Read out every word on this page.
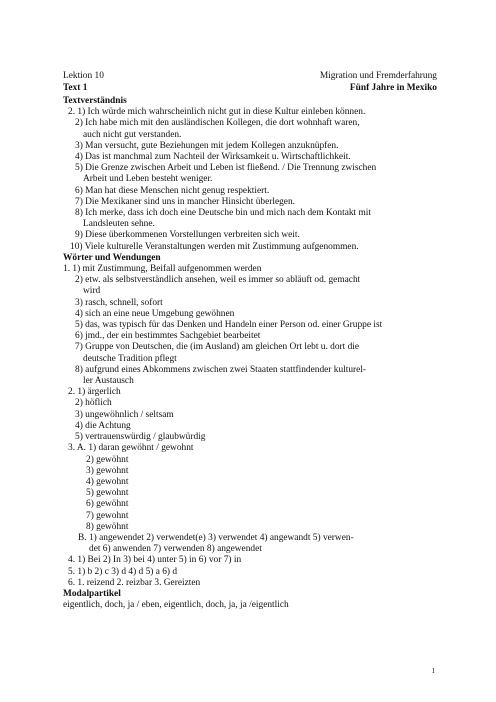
Lektion 10	Migration und Fremderfahrung
Text 1	Fünf Jahre in Mexiko
Textverständnis
2. 1) Ich würde mich wahrscheinlich nicht gut in diese Kultur einleben können.
2) Ich habe mich mit den ausländischen Kollegen, die dort wohnhaft waren,
auch nicht gut verstanden.
3) Man versucht, gute Beziehungen mit jedem Kollegen anzuknüpfen.
4) Das ist manchmal zum Nachteil der Wirksamkeit u. Wirtschaftlichkeit.
5) Die Grenze zwischen Arbeit und Leben ist fließend. / Die Trennung zwischen
Arbeit und Leben besteht weniger.
6) Man hat diese Menschen nicht genug respektiert.
7) Die Mexikaner sind uns in mancher Hinsicht überlegen.
8) Ich merke, dass ich doch eine Deutsche bin und mich nach dem Kontakt mit
Landsleuten sehne.
9) Diese überkommenen Vorstellungen verbreiten sich weit.
10) Viele kulturelle Veranstaltungen werden mit Zustimmung aufgenommen.
Wörter und Wendungen
1. 1) mit Zustimmung, Beifall aufgenommen werden
2) etw. als selbstverständlich ansehen, weil es immer so abläuft od. gemacht
wird
3) rasch, schnell, sofort
4) sich an eine neue Umgebung gewöhnen
5) das, was typisch für das Denken und Handeln einer Person od. einer Gruppe ist
6) jmd., der ein bestimmtes Sachgebiet bearbeitet
7) Gruppe von Deutschen, die (im Ausland) am gleichen Ort lebt u. dort die
deutsche Tradition pflegt
8) aufgrund eines Abkommens zwischen zwei Staaten stattfindender kulturel-
ler Austausch
2. 1) ärgerlich
2) höflich
3) ungewöhnlich / seltsam
4) die Achtung
5) vertrauenswürdig / glaubwürdig
3. A. 1) daran gewöhnt / gewohnt
2) gewöhnt
3) gewohnt
4) gewohnt
5) gewohnt
6) gewöhnt
7) gewohnt
8) gewöhnt
B. 1) angewendet 2) verwendet(e) 3) verwendet 4) angewandt 5) verwen-
det 6) anwenden 7) verwenden 8) angewendet
4. 1) Bei 2) In 3) bei 4) unter 5) in 6) vor 7) in
5. 1) b 2) c 3) d 4) d 5) a 6) d
6. 1. reizend 2. reizbar 3. Gereizten
Modalpartikel
eigentlich, doch, ja / eben, eigentlich, doch, ja, ja /eigentlich
1
